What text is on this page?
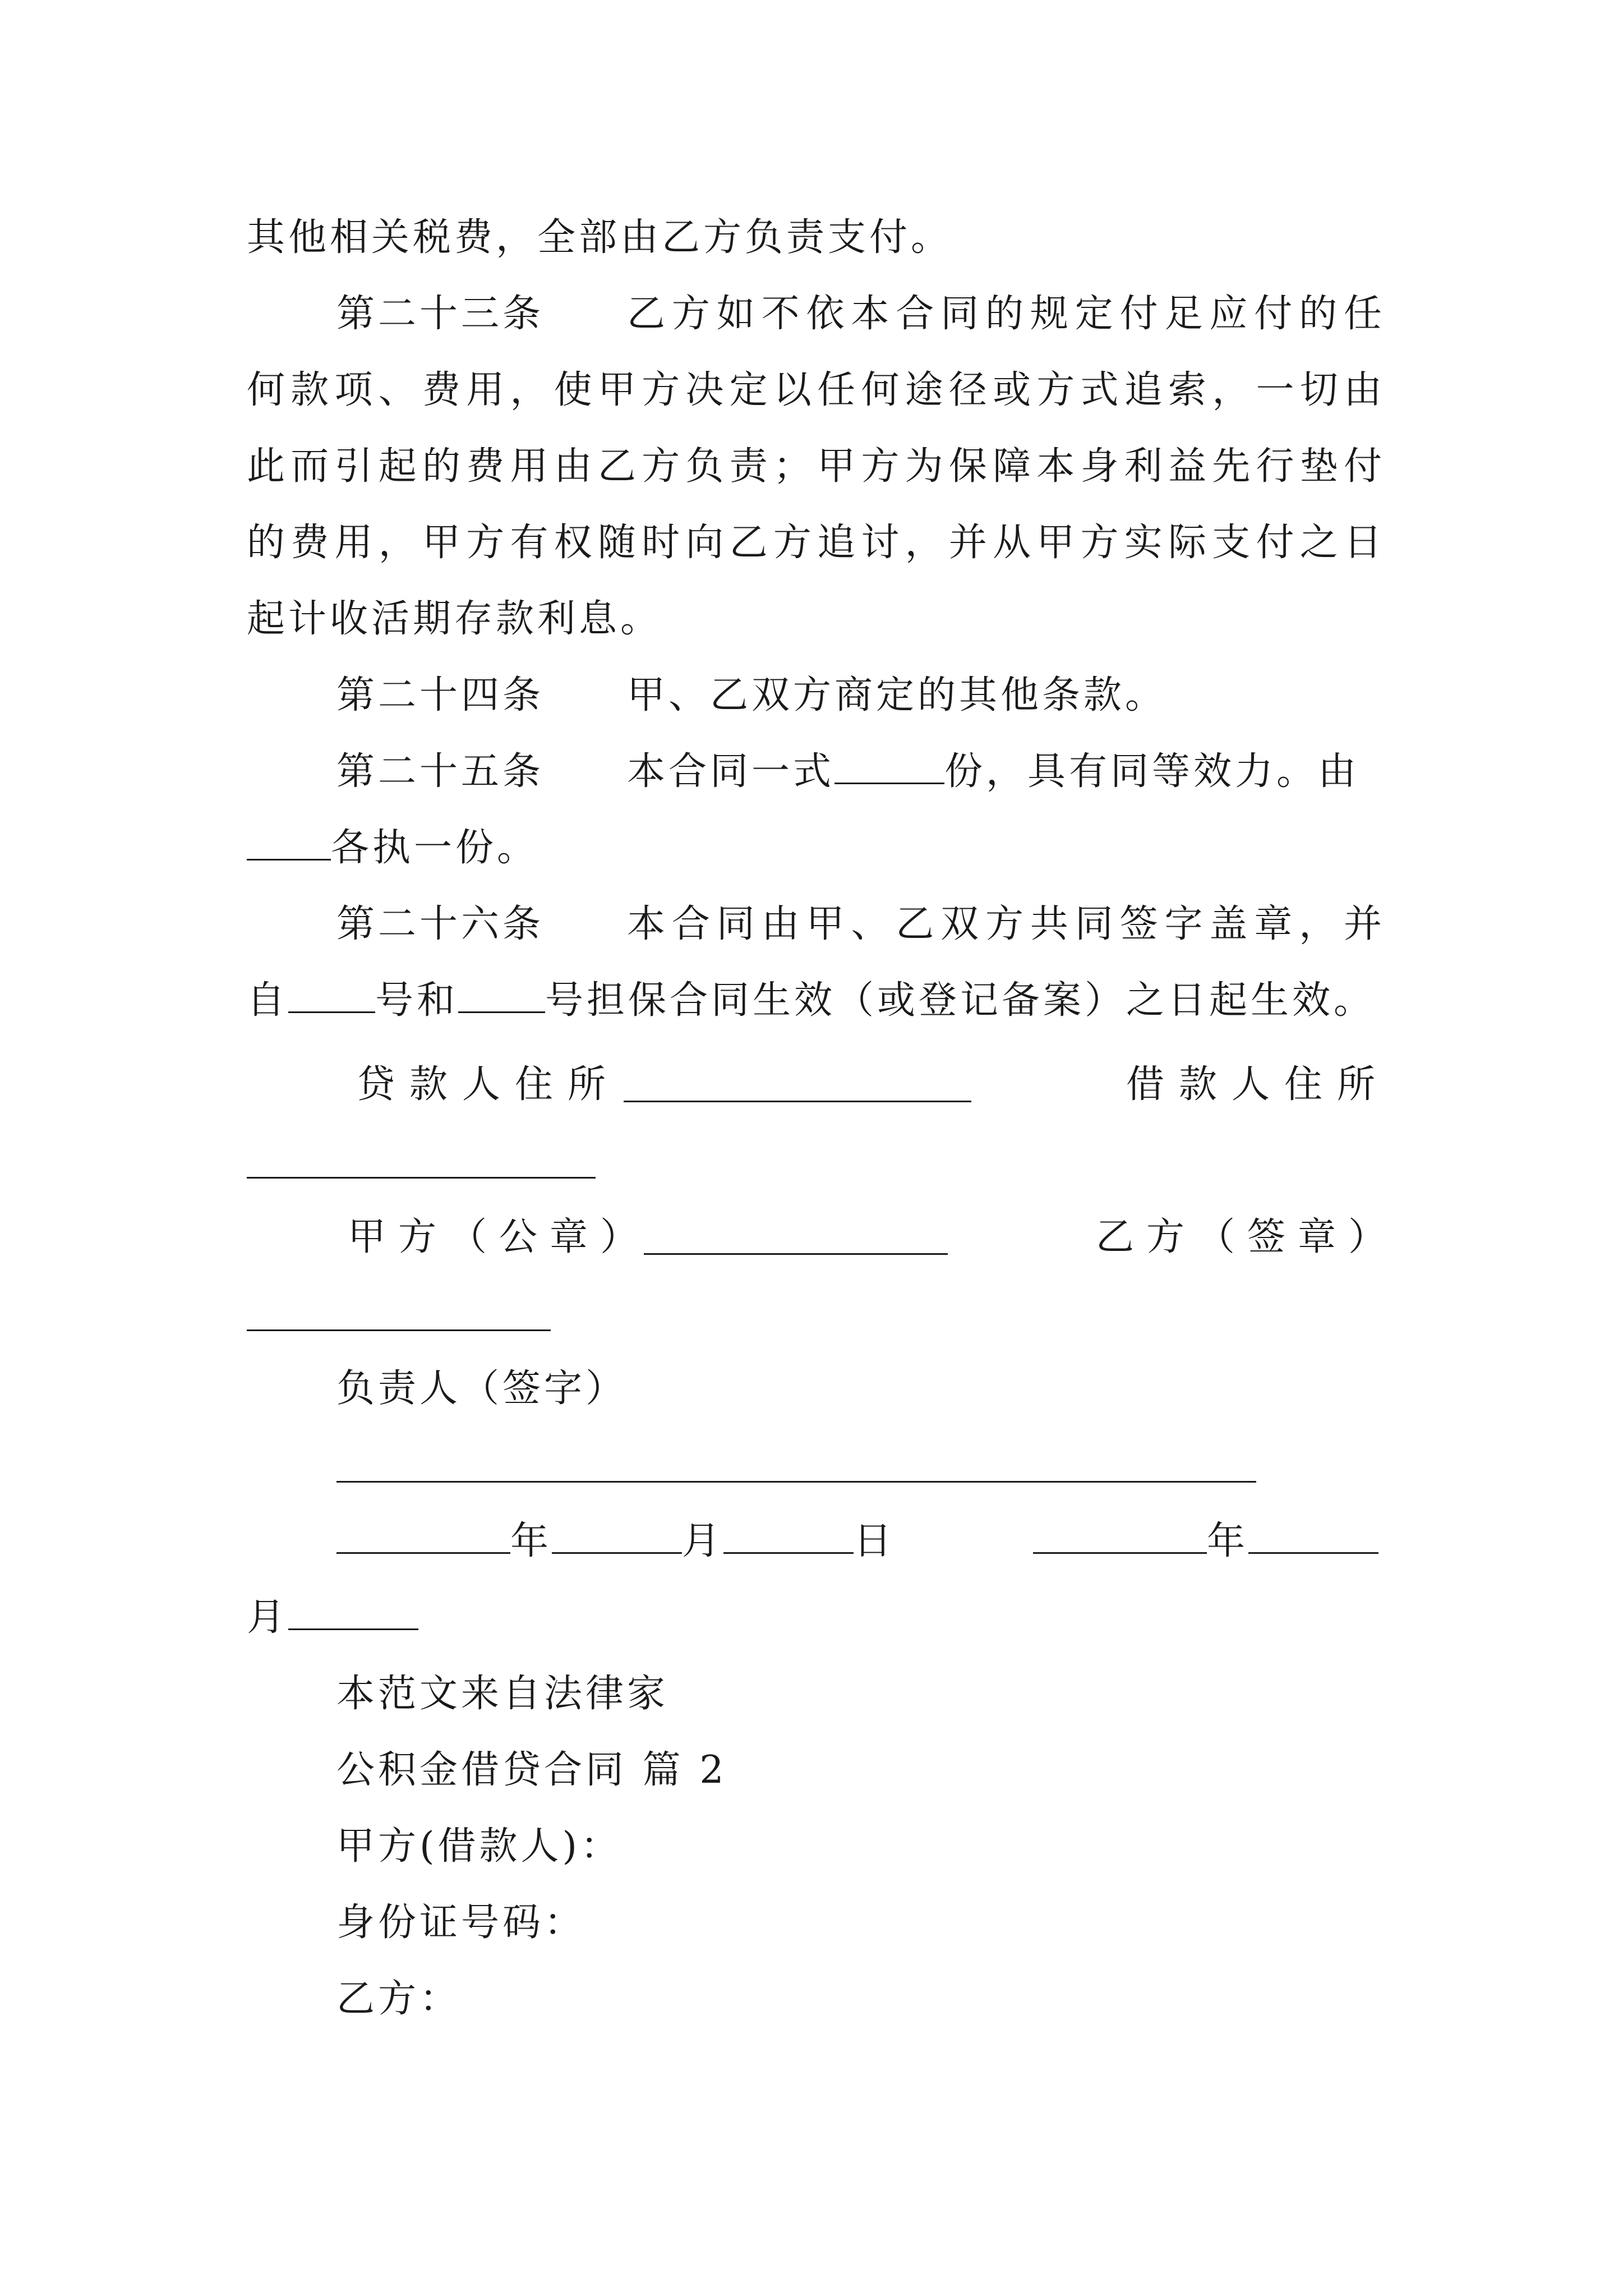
其他相关税费，全部由乙方负责支付。
第二十三条 乙方如不依本合同的规定付足应付的任
何款项、费用，使甲方决定以任何途径或方式追索，一切由
此而引起的费用由乙方负责；甲方为保障本身利益先行垫付
的费用，甲方有权随时向乙方追讨，并从甲方实际支付之日
起计收活期存款利息。
第二十四条 甲、乙双方商定的其他条款。
第二十五条 本合同一式	份，具有同等效力。由
各执一份。
第二十六条 本合同由甲、乙双方共同签字盖章，并
自 号和 号担保合同生效（或登记备案）之日起生效。
贷款人住所	借款人住所
甲方（公章）	乙方（签章）
负责人（签字）
年	月	日	年
月
本范文来自法律家
公积金借贷合同 篇 2
甲方(借款人)：
身份证号码：
乙方：
